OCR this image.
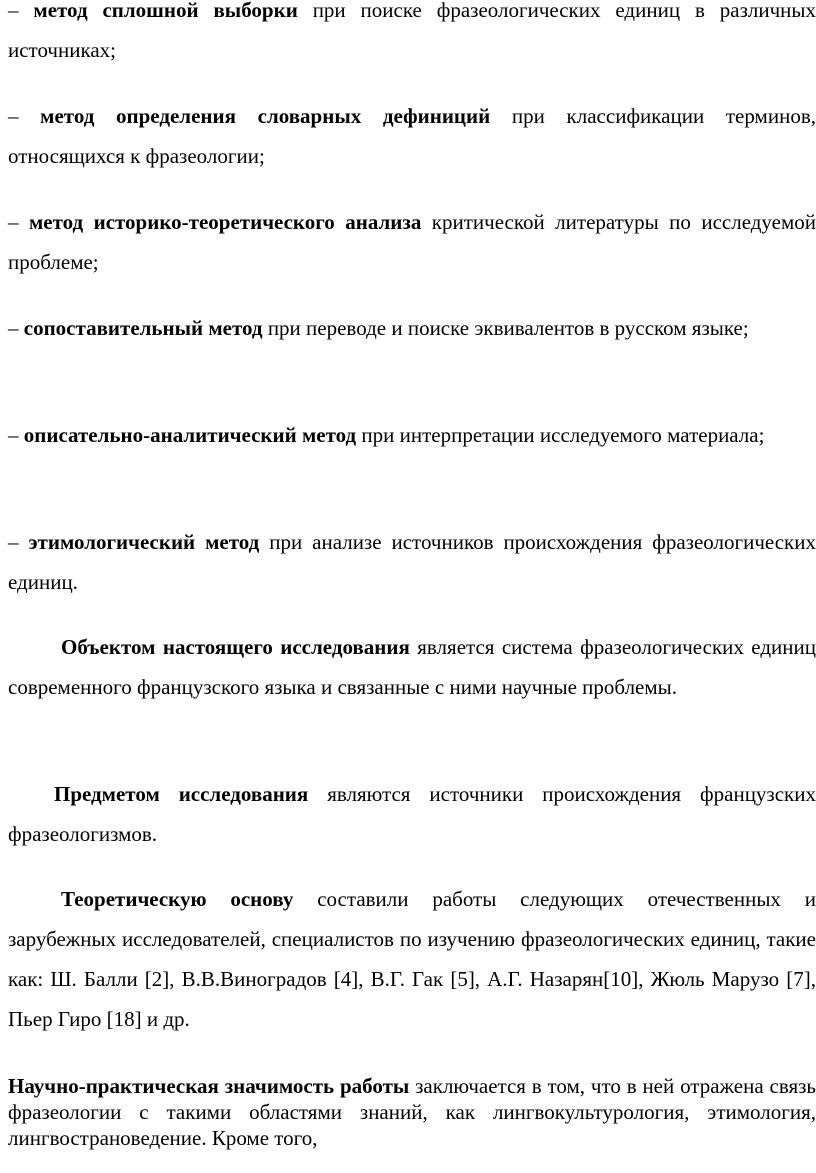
– метод сплошной выборки при поиске фразеологических единиц в различных источниках;

– метод определения словарных дефиниций при классификации терминов, относящихся к фразеологии;

– метод историко-теоретического анализа критической литературы по исследуемой проблеме;

– сопоставительный метод при переводе и поиске эквивалентов в русском языке;

– описательно-аналитический метод при интерпретации исследуемого материала;

– этимологический метод при анализе источников происхождения фразеологических единиц.

Объектом настоящего исследования является система фразеологических единиц современного французского языка и связанные с ними научные проблемы.

Предметом исследования являются источники происхождения французских фразеологизмов.

Теоретическую основу составили работы следующих отечественных и зарубежных исследователей, специалистов по изучению фразеологических единиц, такие как: Ш. Балли [2], В.В.Виноградов [4], В.Г. Гак [5], А.Г. Назарян[10], Жюль Марузо [7], Пьер Гиро [18] и др.

Научно-практическая значимость работы заключается в том, что в ней отражена связь фразеологии с такими областями знаний, как лингвокультурология, этимология, лингвострановедение. Кроме того,
